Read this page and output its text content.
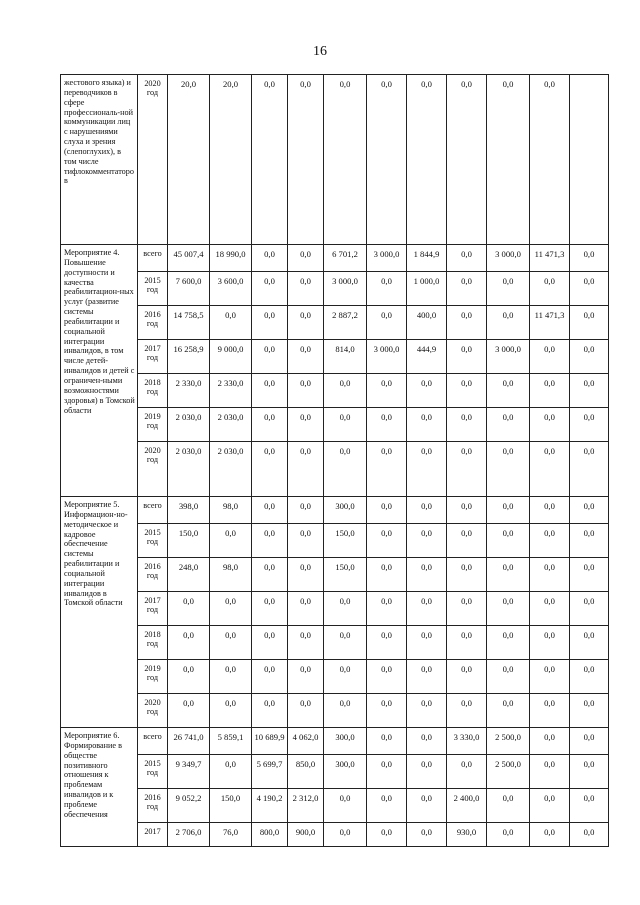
16
жестового языка) и переводчиков в сфере профессиональ-ной коммуникации лиц с нарушениями слуха и зрения (слепоглухих), в том числе тифлокомментаторов	2020 год	20,0	20,0	0,0	0,0	0,0	0,0	0,0	0,0	0,0	0,0	
Мероприятие 4. Повышение доступности и качества реабилитацион-ных услуг (развитие системы реабилитации и социальной интеграции инвалидов, в том числе детей-инвалидов и детей с ограничен-ными возможностями здоровья) в Томской области	всего	45 007,4	18 990,0	0,0	0,0	6 701,2	3 000,0	1 844,9	0,0	3 000,0	11 471,3	0,0
	2015 год	7 600,0	3 600,0	0,0	0,0	3 000,0	0,0	1 000,0	0,0	0,0	0,0	0,0
	2016 год	14 758,5	0,0	0,0	0,0	2 887,2	0,0	400,0	0,0	0,0	11 471,3	0,0
	2017 год	16 258,9	9 000,0	0,0	0,0	814,0	3 000,0	444,9	0,0	3 000,0	0,0	0,0
	2018 год	2 330,0	2 330,0	0,0	0,0	0,0	0,0	0,0	0,0	0,0	0,0	0,0
	2019 год	2 030,0	2 030,0	0,0	0,0	0,0	0,0	0,0	0,0	0,0	0,0	0,0
	2020 год	2 030,0	2 030,0	0,0	0,0	0,0	0,0	0,0	0,0	0,0	0,0	0,0
Мероприятие 5. Информацион-но-методическое и кадровое обеспечение системы реабилитации и социальной интеграции инвалидов в Томской области	всего	398,0	98,0	0,0	0,0	300,0	0,0	0,0	0,0	0,0	0,0	0,0
	2015 год	150,0	0,0	0,0	0,0	150,0	0,0	0,0	0,0	0,0	0,0	0,0
	2016 год	248,0	98,0	0,0	0,0	150,0	0,0	0,0	0,0	0,0	0,0	0,0
	2017 год	0,0	0,0	0,0	0,0	0,0	0,0	0,0	0,0	0,0	0,0	0,0
	2018 год	0,0	0,0	0,0	0,0	0,0	0,0	0,0	0,0	0,0	0,0	0,0
	2019 год	0,0	0,0	0,0	0,0	0,0	0,0	0,0	0,0	0,0	0,0	0,0
	2020 год	0,0	0,0	0,0	0,0	0,0	0,0	0,0	0,0	0,0	0,0	0,0
Мероприятие 6. Формирование в обществе позитивного отношения к проблемам инвалидов и к проблеме обеспечения	всего	26 741,0	5 859,1	10 689,9	4 062,0	300,0	0,0	0,0	3 330,0	2 500,0	0,0	0,0
	2015 год	9 349,7	0,0	5 699,7	850,0	300,0	0,0	0,0	0,0	2 500,0	0,0	0,0
	2016 год	9 052,2	150,0	4 190,2	2 312,0	0,0	0,0	0,0	2 400,0	0,0	0,0	0,0
	2017	2 706,0	76,0	800,0	900,0	0,0	0,0	0,0	930,0	0,0	0,0	0,0
